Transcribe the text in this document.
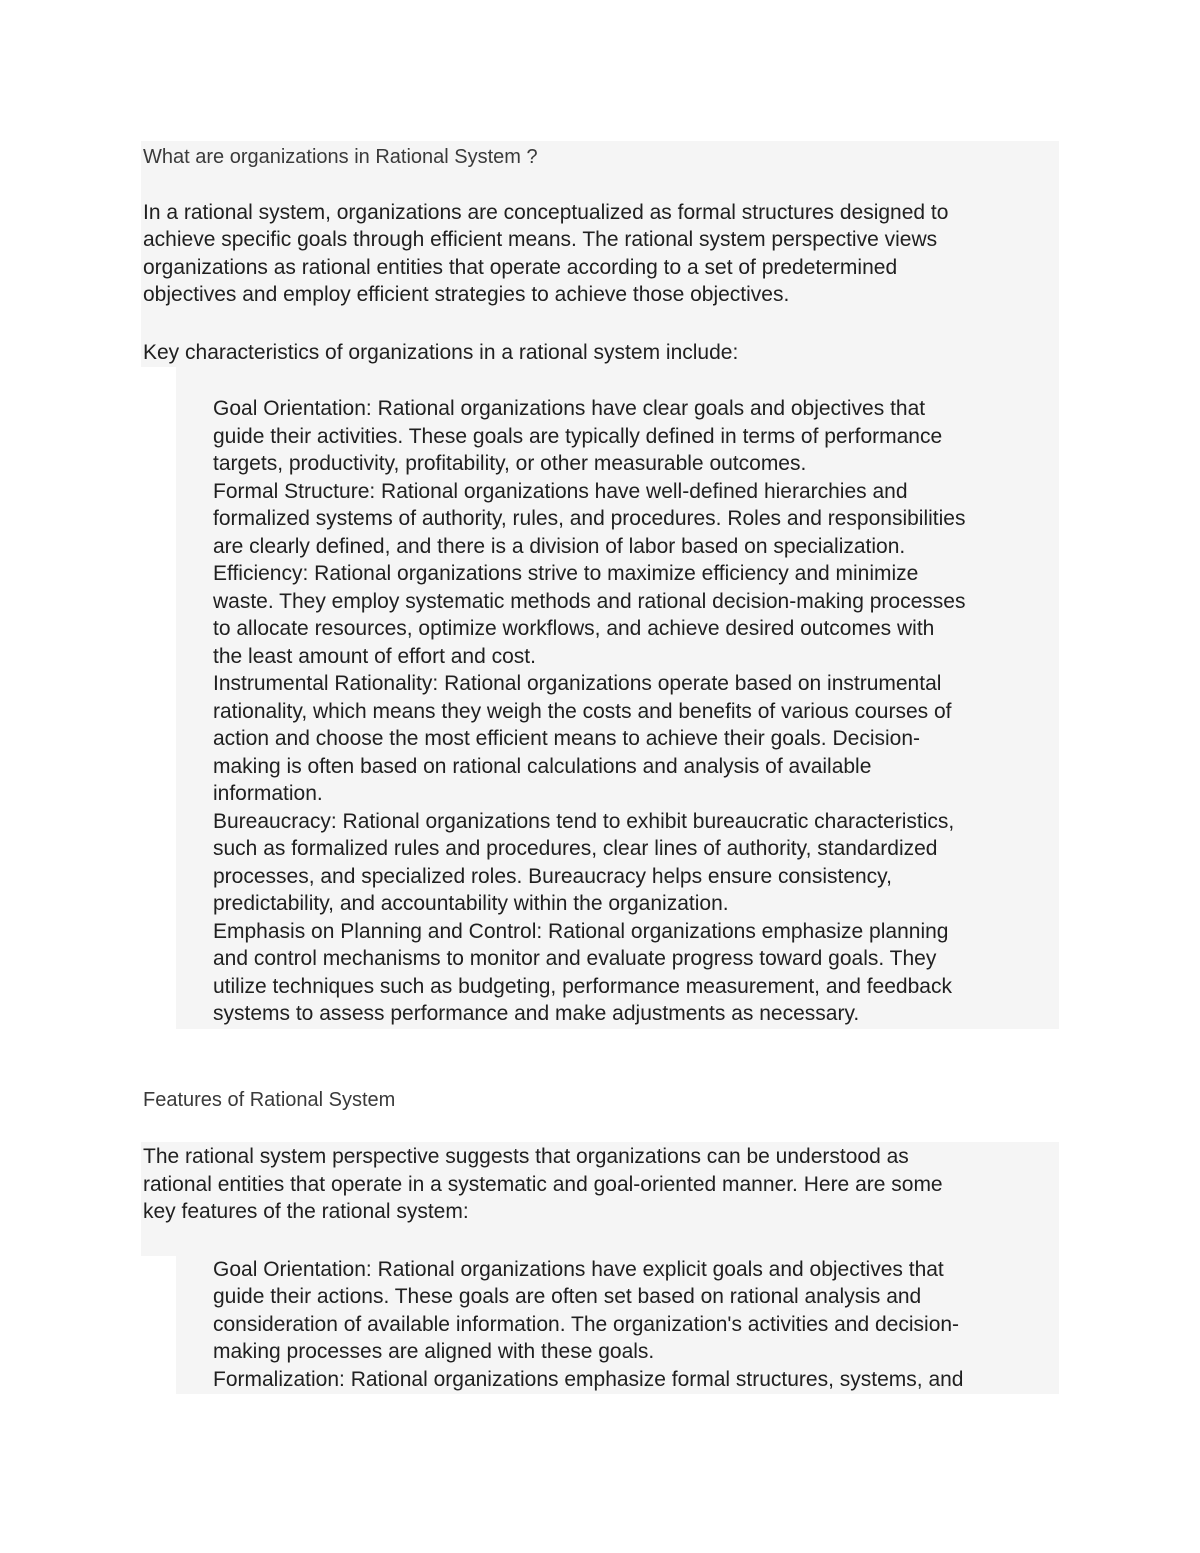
What are organizations in Rational System ?
In a rational system, organizations are conceptualized as formal structures designed to
achieve specific goals through efficient means. The rational system perspective views
organizations as rational entities that operate according to a set of predetermined
objectives and employ efficient strategies to achieve those objectives.
Key characteristics of organizations in a rational system include:
Goal Orientation: Rational organizations have clear goals and objectives that
guide their activities. These goals are typically defined in terms of performance
targets, productivity, profitability, or other measurable outcomes.
Formal Structure: Rational organizations have well-defined hierarchies and
formalized systems of authority, rules, and procedures. Roles and responsibilities
are clearly defined, and there is a division of labor based on specialization.
Efficiency: Rational organizations strive to maximize efficiency and minimize
waste. They employ systematic methods and rational decision-making processes
to allocate resources, optimize workflows, and achieve desired outcomes with
the least amount of effort and cost.
Instrumental Rationality: Rational organizations operate based on instrumental
rationality, which means they weigh the costs and benefits of various courses of
action and choose the most efficient means to achieve their goals. Decision-
making is often based on rational calculations and analysis of available
information.
Bureaucracy: Rational organizations tend to exhibit bureaucratic characteristics,
such as formalized rules and procedures, clear lines of authority, standardized
processes, and specialized roles. Bureaucracy helps ensure consistency,
predictability, and accountability within the organization.
Emphasis on Planning and Control: Rational organizations emphasize planning
and control mechanisms to monitor and evaluate progress toward goals. They
utilize techniques such as budgeting, performance measurement, and feedback
systems to assess performance and make adjustments as necessary.
Features of Rational System
The rational system perspective suggests that organizations can be understood as
rational entities that operate in a systematic and goal-oriented manner. Here are some
key features of the rational system:
Goal Orientation: Rational organizations have explicit goals and objectives that
guide their actions. These goals are often set based on rational analysis and
consideration of available information. The organization's activities and decision-
making processes are aligned with these goals.
Formalization: Rational organizations emphasize formal structures, systems, and
